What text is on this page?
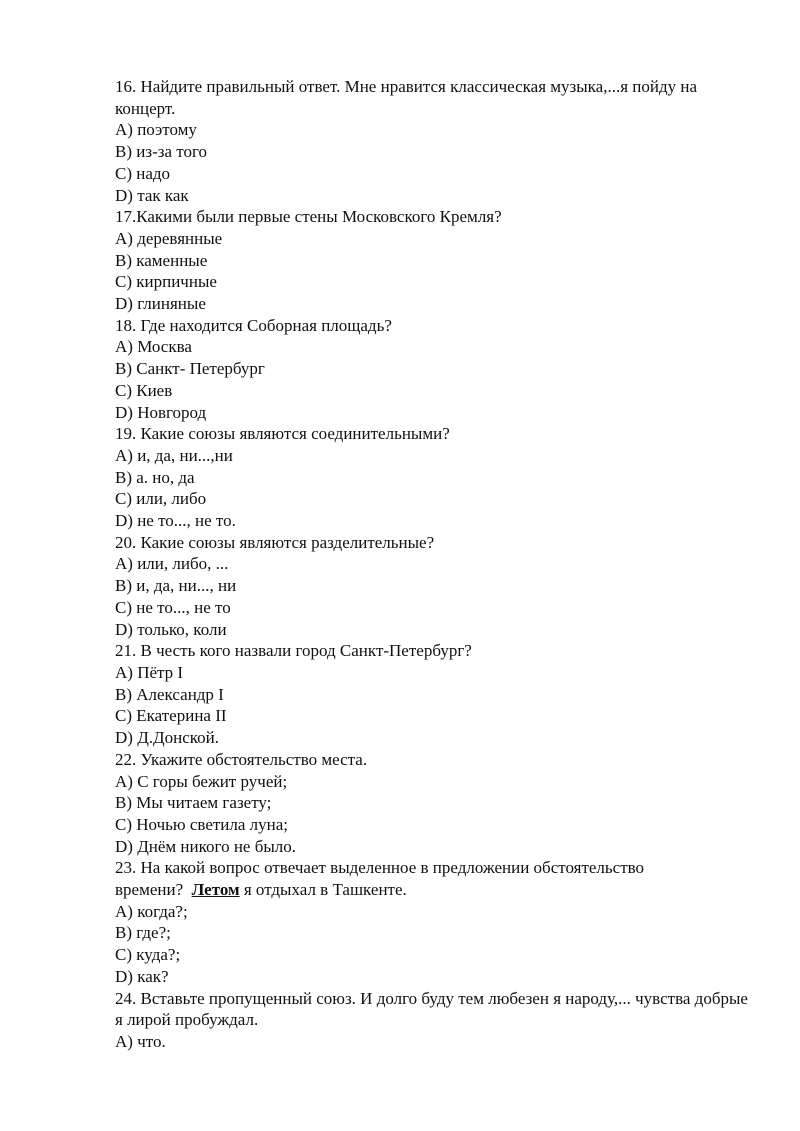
16. Найдите правильный ответ. Мне нравится классическая музыка,...я пойду на концерт.
A) поэтому
B) из-за того
C) надо
D) так как
17.Какими были первые стены Московского Кремля?
A) деревянные
B) каменные
C) кирпичные
D) глиняные
18. Где находится Соборная площадь?
A) Москва
B) Санкт- Петербург
C) Киев
D) Новгород
19. Какие союзы являются соединительными?
A) и, да, ни...,ни
B) а. но, да
C) или, либо
D) не то..., не то.
20. Какие союзы являются разделительные?
A) или, либо, ...
B) и, да, ни..., ни
C) не то..., не то
D) только, коли
21. В честь кого назвали город Санкт-Петербург?
A) Пётр I
B) Александр I
C) Екатерина II
D) Д.Донской.
22. Укажите обстоятельство места.
A) С горы бежит ручей;
B) Мы читаем газету;
C) Ночью светила луна;
D) Днём никого не было.
23. На какой вопрос отвечает выделенное в предложении обстоятельство
времени?  Летом я отдыхал в Ташкенте.
A) когда?;
B) где?;
C) куда?;
D) как?
24. Вставьте пропущенный союз. И долго буду тем любезен я народу,... чувства добрые я лирой пробуждал.
A) что.
